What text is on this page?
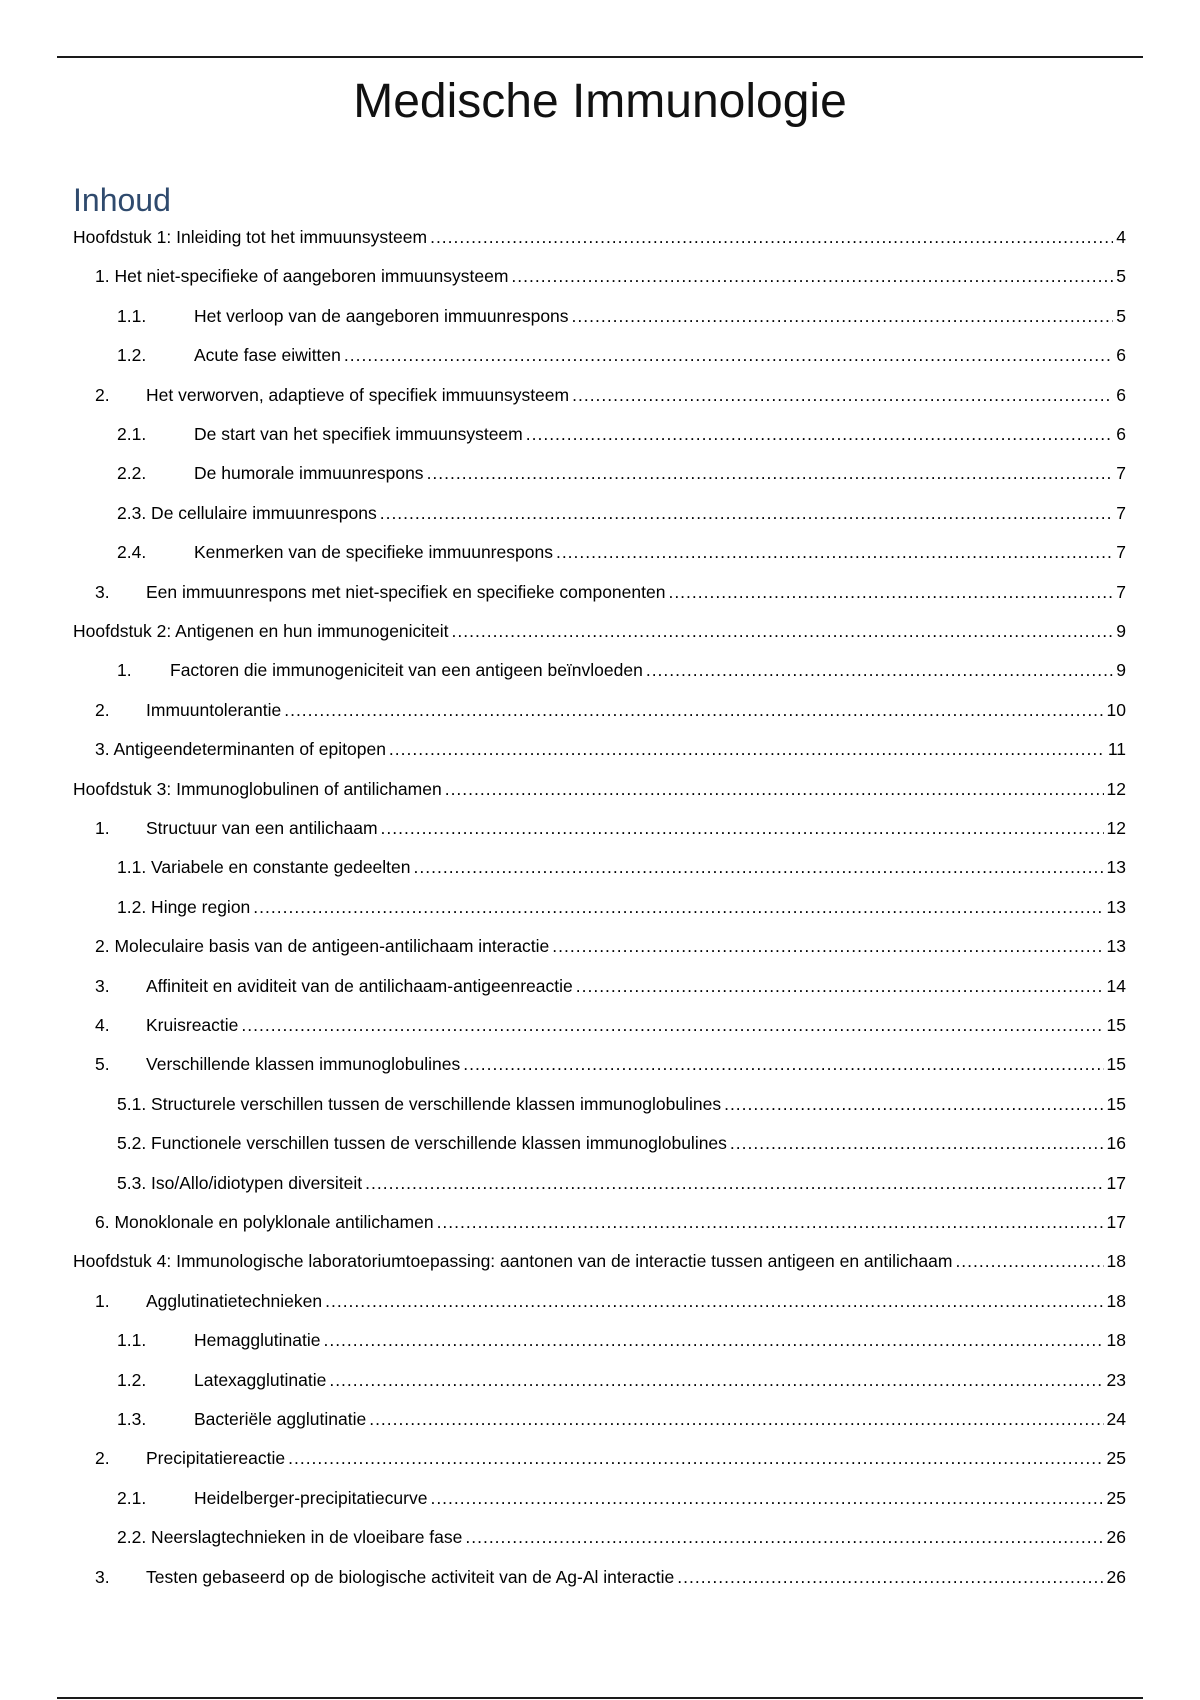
Medische Immunologie
Inhoud
Hoofdstuk 1: Inleiding tot het immuunsysteem .....	4
1. Het niet-specifieke of aangeboren immuunsysteem .....	5
1.1.	Het verloop van de aangeboren immuunrespons .....	5
1.2.	Acute fase eiwitten .....	6
2. Het verworven, adaptieve of specifiek immuunsysteem .....	6
2.1.	De start van het specifiek immuunsysteem .....	6
2.2.	De humorale immuunrespons .....	7
2.3. De cellulaire immuunrespons .....	7
2.4.	Kenmerken van de specifieke immuunrespons .....	7
3. Een immuunrespons met niet-specifiek en specifieke componenten .....	7
Hoofdstuk 2: Antigenen en hun immunogeniciteit .....	9
1. Factoren die immunogeniciteit van een antigeen beïnvloeden .....	9
2. Immuuntolerantie .....	10
3. Antigeendeterminanten of epitopen .....	11
Hoofdstuk 3: Immunoglobulinen of antilichamen .....	12
1. Structuur van een antilichaam .....	12
1.1. Variabele en constante gedeelten .....	13
1.2. Hinge region .....	13
2. Moleculaire basis van de antigeen-antilichaam interactie .....	13
3. Affiniteit en aviditeit van de antilichaam-antigeenreactie .....	14
4. Kruisreactie .....	15
5. Verschillende klassen immunoglobulines .....	15
5.1. Structurele verschillen tussen de verschillende klassen immunoglobulines .....	15
5.2. Functionele verschillen tussen de verschillende klassen immunoglobulines .....	16
5.3. Iso/Allo/idiotypen diversiteit .....	17
6. Monoklonale en polyklonale antilichamen .....	17
Hoofdstuk 4: Immunologische laboratoriumtoepassing: aantonen van de interactie tussen antigeen en antilichaam .....	18
1. Agglutinatietechnieken .....	18
1.1.	Hemagglutinatie .....	18
1.2.	Latexagglutinatie .....	23
1.3.	Bacteriële agglutinatie .....	24
2. Precipitatiereactie .....	25
2.1.	Heidelberger-precipitatiecurve .....	25
2.2. Neerslagtechnieken in de vloeibare fase .....	26
3. Testen gebaseerd op de biologische activiteit van de Ag-Al interactie .....	26
